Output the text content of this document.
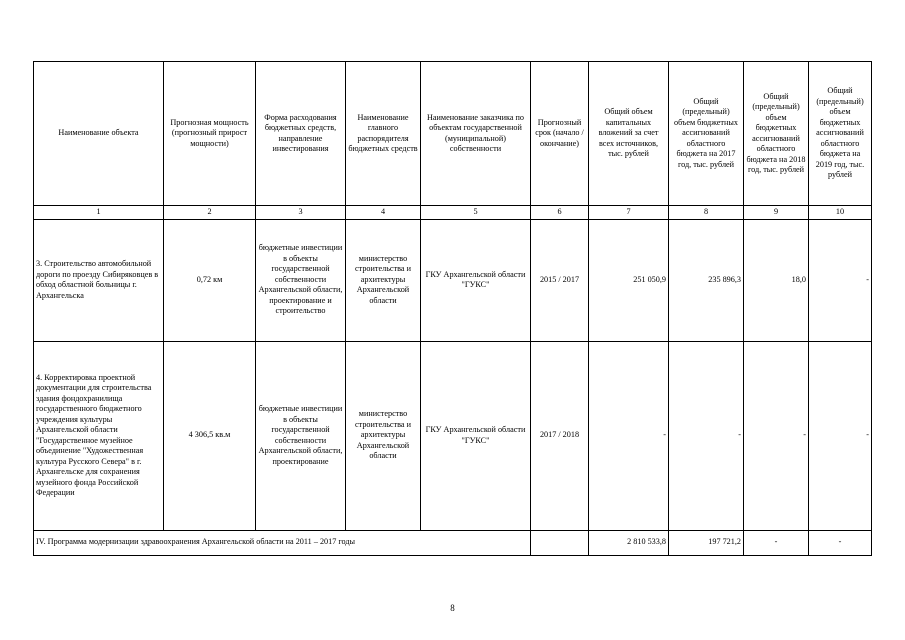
Наименование объекта	Прогнозная мощность (прогнозный прирост мощности)	Форма расходования бюджетных средств, направление инвестирования	Наименование главного распорядителя бюджетных средств	Наименование заказчика по объектам государственной (муниципальной) собственности	Прогнозный срок (начало / окончание)	Общий объем капитальных вложений за счет всех источников, тыс. рублей	Общий (предельный) объем бюджетных ассигнований областного бюджета на 2017 год, тыс. рублей	Общий (предельный) объем бюджетных ассигнований областного бюджета на 2018 год, тыс. рублей	Общий (предельный) объем бюджетных ассигнований областного бюджета на 2019 год, тыс. рублей
1	2	3	4	5	6	7	8	9	10
3. Строительство автомобильной дороги по проезду Сибиряковцев в обход областной больницы г. Архангельска	0,72 км	бюджетные инвестиции в объекты государственной собственности Архангельской области, проектирование и строительство	министерство строительства и архитектуры Архангельской области	ГКУ Архангельской области "ГУКС"	2015 / 2017	251 050,9	235 896,3	18,0	-
4. Корректировка проектной документации для строительства здания фондохранилища государственного бюджетного учреждения культуры Архангельской области "Государственное музейное объединение "Художественная культура Русского Севера" в г. Архангельске для сохранения музейного фонда Российской Федерации	4 306,5 кв.м	бюджетные инвестиции в объекты государственной собственности Архангельской области, проектирование	министерство строительства и архитектуры Архангельской области	ГКУ Архангельской области "ГУКС"	2017 / 2018	-	-	-	-
IV. Программа модернизации здравоохранения Архангельской области на 2011 – 2017 годы						2 810 533,8	197 721,2	-	-
8
